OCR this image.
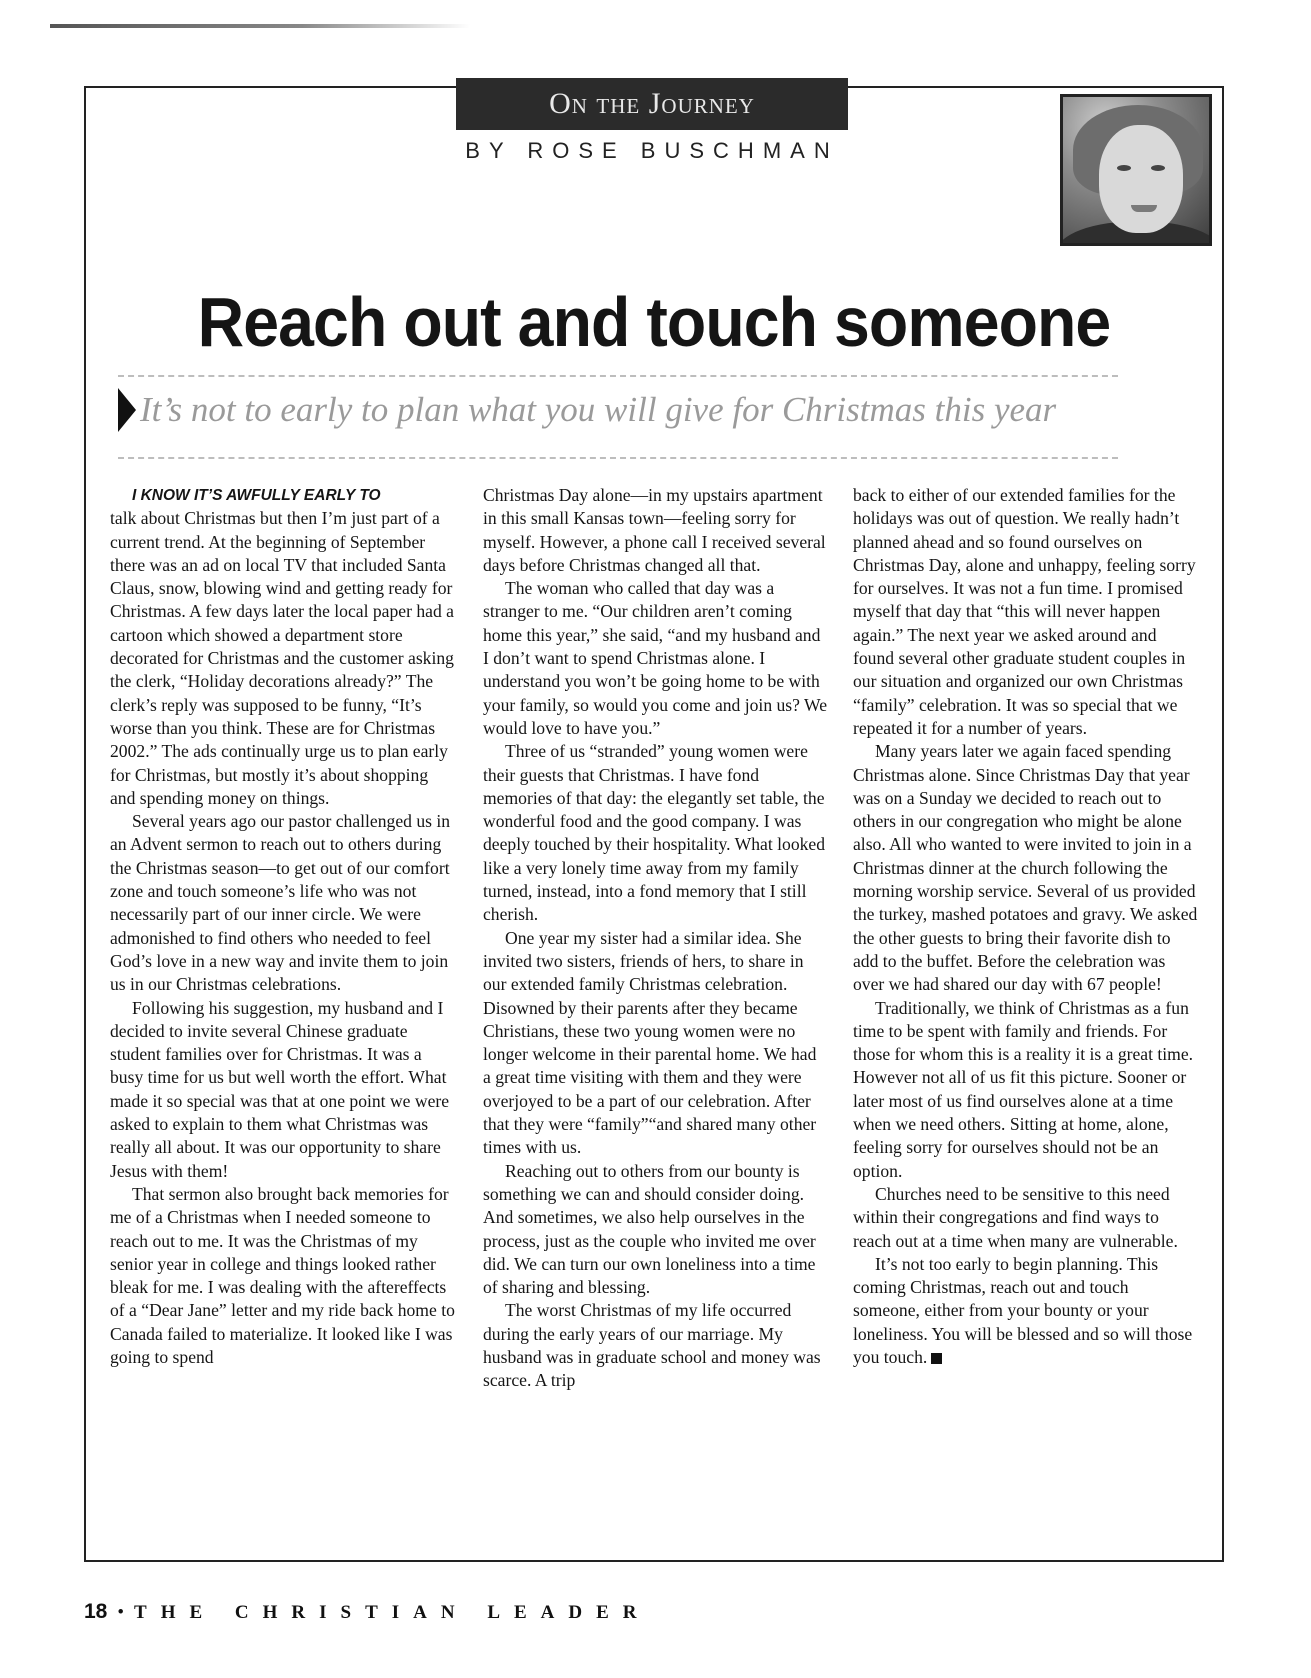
On the Journey
BY ROSE BUSCHMAN
Reach out and touch someone
It’s not to early to plan what you will give for Christmas this year
I KNOW IT’S AWFULLY EARLY TO

talk about Christmas but then I’m just part of a current trend. At the beginning of September there was an ad on local TV that included Santa Claus, snow, blowing wind and getting ready for Christmas. A few days later the local paper had a cartoon which showed a department store decorated for Christmas and the customer asking the clerk, “Holiday decorations already?” The clerk’s reply was supposed to be funny, “It’s worse than you think. These are for Christmas 2002.” The ads continually urge us to plan early for Christmas, but mostly it’s about shopping and spending money on things.

Several years ago our pastor challenged us in an Advent sermon to reach out to others during the Christmas season—to get out of our comfort zone and touch someone’s life who was not necessarily part of our inner circle. We were admonished to find others who needed to feel God’s love in a new way and invite them to join us in our Christmas celebrations.

Following his suggestion, my husband and I decided to invite several Chinese graduate student families over for Christmas. It was a busy time for us but well worth the effort. What made it so special was that at one point we were asked to explain to them what Christmas was really all about. It was our opportunity to share Jesus with them!

That sermon also brought back memories for me of a Christmas when I needed someone to reach out to me. It was the Christmas of my senior year in college and things looked rather bleak for me. I was dealing with the aftereffects of a “Dear Jane” letter and my ride back home to Canada failed to materialize. It looked like I was going to spend

Christmas Day alone—in my upstairs apartment in this small Kansas town—feeling sorry for myself. However, a phone call I received several days before Christmas changed all that.

The woman who called that day was a stranger to me. “Our children aren’t coming home this year,” she said, “and my husband and I don’t want to spend Christmas alone. I understand you won’t be going home to be with your family, so would you come and join us? We would love to have you.”

Three of us “stranded” young women were their guests that Christmas. I have fond memories of that day: the elegantly set table, the wonderful food and the good company. I was deeply touched by their hospitality. What looked like a very lonely time away from my family turned, instead, into a fond memory that I still cherish.

One year my sister had a similar idea. She invited two sisters, friends of hers, to share in our extended family Christmas celebration. Disowned by their parents after they became Christians, these two young women were no longer welcome in their parental home. We had a great time visiting with them and they were overjoyed to be a part of our celebration. After that they were “family”“and shared many other times with us.

Reaching out to others from our bounty is something we can and should consider doing. And sometimes, we also help ourselves in the process, just as the couple who invited me over did. We can turn our own loneliness into a time of sharing and blessing.

The worst Christmas of my life occurred during the early years of our marriage. My husband was in graduate school and money was scarce. A trip

back to either of our extended families for the holidays was out of question. We really hadn’t planned ahead and so found ourselves on Christmas Day, alone and unhappy, feeling sorry for ourselves. It was not a fun time. I promised myself that day that “this will never happen again.” The next year we asked around and found several other graduate student couples in our situation and organized our own Christmas “family” celebration. It was so special that we repeated it for a number of years.

Many years later we again faced spending Christmas alone. Since Christmas Day that year was on a Sunday we decided to reach out to others in our congregation who might be alone also. All who wanted to were invited to join in a Christmas dinner at the church following the morning worship service. Several of us provided the turkey, mashed potatoes and gravy. We asked the other guests to bring their favorite dish to add to the buffet. Before the celebration was over we had shared our day with 67 people!

Traditionally, we think of Christmas as a fun time to be spent with family and friends. For those for whom this is a reality it is a great time. However not all of us fit this picture. Sooner or later most of us find ourselves alone at a time when we need others. Sitting at home, alone, feeling sorry for ourselves should not be an option.

Churches need to be sensitive to this need within their congregations and find ways to reach out at a time when many are vulnerable.

It’s not too early to begin planning. This coming Christmas, reach out and touch someone, either from your bounty or your loneliness. You will be blessed and so will those you touch.

18 • THE CHRISTIAN LEADER
